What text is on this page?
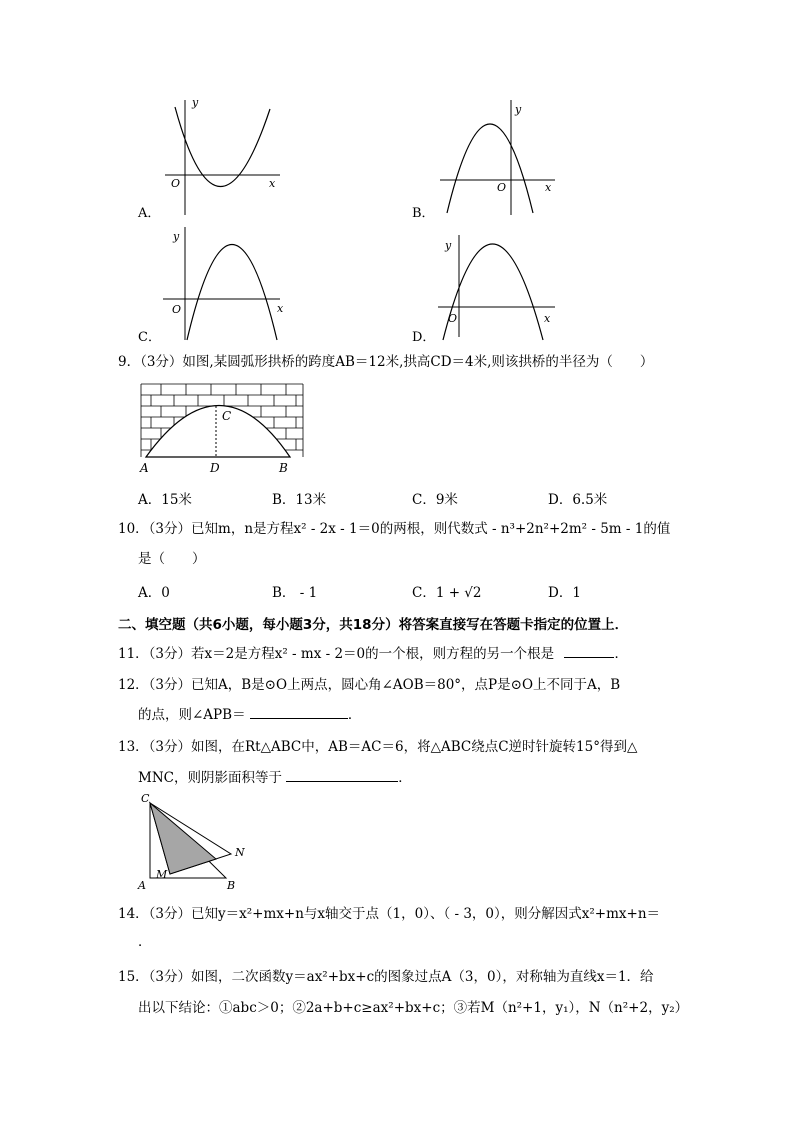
y
O	x
A．
y
O	x
B．
y
O	x
C．
y
O	x
D．
9．（3分）如图,某圆弧形拱桥的跨度AB＝12米,拱高CD＝4米,则该拱桥的半径为（　　）
C
A	D	B
A．15米	B．13米	C．9米	D．6.5米
10．（3分）已知m，n是方程x² - 2x - 1＝0的两根，则代数式 - n³+2n²+2m² - 5m - 1的值
是（　　）
A．0	B． - 1	C．1 + √2	D．1
二、填空题（共6小题，每小题3分，共18分）将答案直接写在答题卡指定的位置上．
11．（3分）若x＝2是方程x² - mx - 2＝0的一个根，则方程的另一个根是	．
12．（3分）已知A，B是⊙O上两点，圆心角∠AOB＝80°，点P是⊙O上不同于A，B
的点，则∠APB＝	．
13．（3分）如图，在Rt△ABC中，AB＝AC＝6，将△ABC绕点C逆时针旋转15°得到△
MNC，则阴影面积等于	．
C
N
M
A	B
14．（3分）已知y＝x²+mx+n与x轴交于点（1，0）、（ - 3，0），则分解因式x²+mx+n＝
．
15．（3分）如图，二次函数y＝ax²+bx+c的图象过点A（3，0），对称轴为直线x＝1．给
出以下结论：①abc＞0；②2a+b+c≥ax²+bx+c；③若M（n²+1，y₁），N（n²+2，y₂）
